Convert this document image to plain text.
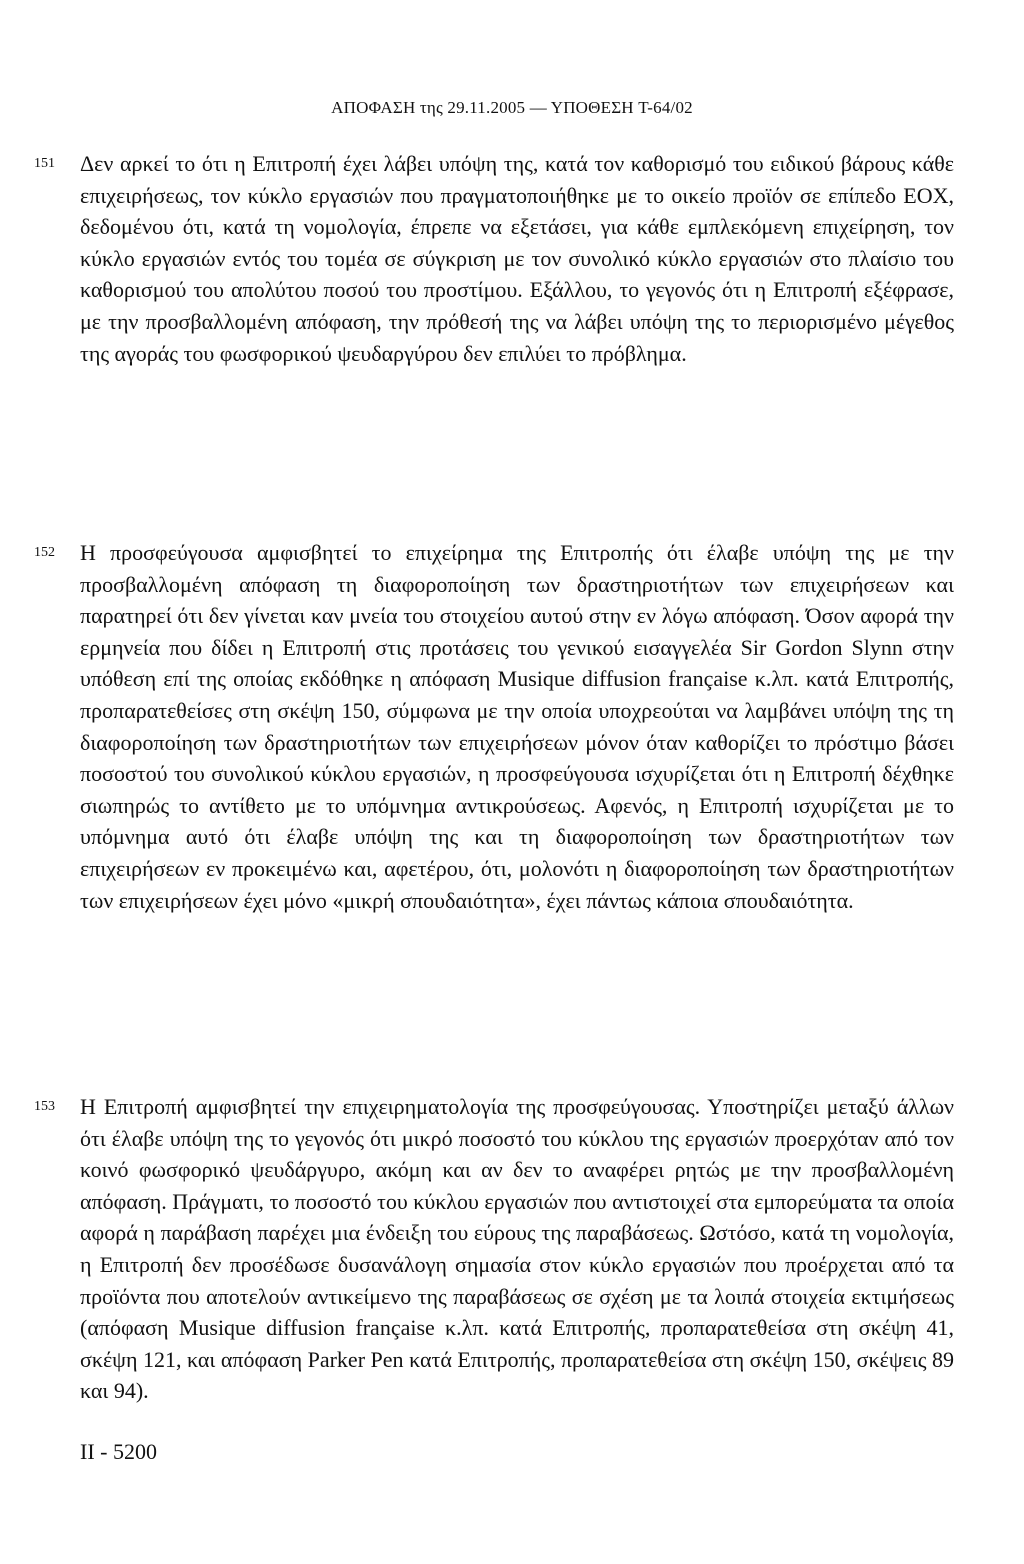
ΑΠΟΦΑΣΗ της 29.11.2005 — ΥΠΟΘΕΣΗ T-64/02
151 Δεν αρκεί το ότι η Επιτροπή έχει λάβει υπόψη της, κατά τον καθορισμό του ειδικού βάρους κάθε επιχειρήσεως, τον κύκλο εργασιών που πραγματοποιήθηκε με το οικείο προϊόν σε επίπεδο ΕΟΧ, δεδομένου ότι, κατά τη νομολογία, έπρεπε να εξετάσει, για κάθε εμπλεκόμενη επιχείρηση, τον κύκλο εργασιών εντός του τομέα σε σύγκριση με τον συνολικό κύκλο εργασιών στο πλαίσιο του καθορισμού του απολύτου ποσού του προστίμου. Εξάλλου, το γεγονός ότι η Επιτροπή εξέφρασε, με την προσβαλλομένη απόφαση, την πρόθεσή της να λάβει υπόψη της το περιορισμένο μέγεθος της αγοράς του φωσφορικού ψευδαργύρου δεν επιλύει το πρόβλημα.
152 Η προσφεύγουσα αμφισβητεί το επιχείρημα της Επιτροπής ότι έλαβε υπόψη της με την προσβαλλομένη απόφαση τη διαφοροποίηση των δραστηριοτήτων των επιχειρήσεων και παρατηρεί ότι δεν γίνεται καν μνεία του στοιχείου αυτού στην εν λόγω απόφαση. Όσον αφορά την ερμηνεία που δίδει η Επιτροπή στις προτάσεις του γενικού εισαγγελέα Sir Gordon Slynn στην υπόθεση επί της οποίας εκδόθηκε η απόφαση Musique diffusion française κ.λπ. κατά Επιτροπής, προπαρατεθείσες στη σκέψη 150, σύμφωνα με την οποία υποχρεούται να λαμβάνει υπόψη της τη διαφοροποίηση των δραστηριοτήτων των επιχειρήσεων μόνον όταν καθορίζει το πρόστιμο βάσει ποσοστού του συνολικού κύκλου εργασιών, η προσφεύγουσα ισχυρίζεται ότι η Επιτροπή δέχθηκε σιωπηρώς το αντίθετο με το υπόμνημα αντικρούσεως. Αφενός, η Επιτροπή ισχυρίζεται με το υπόμνημα αυτό ότι έλαβε υπόψη της και τη διαφοροποίηση των δραστηριοτήτων των επιχειρήσεων εν προκειμένω και, αφετέρου, ότι, μολονότι η διαφοροποίηση των δραστηριοτήτων των επιχειρήσεων έχει μόνο «μικρή σπουδαιότητα», έχει πάντως κάποια σπουδαιότητα.
153 Η Επιτροπή αμφισβητεί την επιχειρηματολογία της προσφεύγουσας. Υποστηρίζει μεταξύ άλλων ότι έλαβε υπόψη της το γεγονός ότι μικρό ποσοστό του κύκλου της εργασιών προερχόταν από τον κοινό φωσφορικό ψευδάργυρο, ακόμη και αν δεν το αναφέρει ρητώς με την προσβαλλομένη απόφαση. Πράγματι, το ποσοστό του κύκλου εργασιών που αντιστοιχεί στα εμπορεύματα τα οποία αφορά η παράβαση παρέχει μια ένδειξη του εύρους της παραβάσεως. Ωστόσο, κατά τη νομολογία, η Επιτροπή δεν προσέδωσε δυσανάλογη σημασία στον κύκλο εργασιών που προέρχεται από τα προϊόντα που αποτελούν αντικείμενο της παραβάσεως σε σχέση με τα λοιπά στοιχεία εκτιμήσεως (απόφαση Musique diffusion française κ.λπ. κατά Επιτροπής, προπαρατεθείσα στη σκέψη 41, σκέψη 121, και απόφαση Parker Pen κατά Επιτροπής, προπαρατεθείσα στη σκέψη 150, σκέψεις 89 και 94).
II - 5200
